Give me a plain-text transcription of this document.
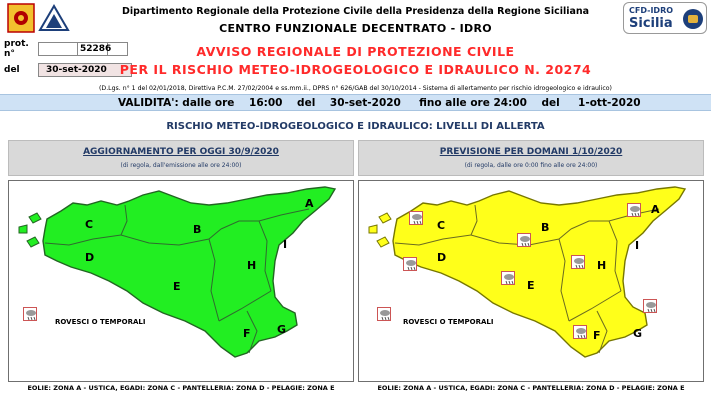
Dipartimento Regionale della Protezione Civile della Presidenza della Regione Siciliana
CENTRO FUNZIONALE DECENTRATO - IDRO
CFD-IDRO
Sicilia
prot. n°	52286
del	30-set-2020
AVVISO REGIONALE DI PROTEZIONE CIVILE
PER IL RISCHIO METEO-IDROGEOLOGICO E IDRAULICO N. 20274
(D.Lgs. n° 1 del 02/01/2018, Direttiva P.C.M. 27/02/2004 e ss.mm.ii., DPRS n° 626/GAB del 30/10/2014 - Sistema di allertamento per rischio idrogeologico e idraulico)
VALIDITA': dalle ore    16:00    del    30-set-2020     fino alle ore 24:00    del     1-ott-2020
RISCHIO METEO-IDROGEOLOGICO E IDRAULICO: LIVELLI DI ALLERTA
AGGIORNAMENTO PER OGGI 30/9/2020
(di regola, dall'emissione alle ore 24:00)
A
B
C
D
E
F G
H
I
ROVESCI O TEMPORALI
EOLIE: ZONA A - USTICA, EGADI: ZONA C - PANTELLERIA: ZONA D - PELAGIE: ZONA E
PREVISIONE PER DOMANI 1/10/2020
(di regola, dalle ore 0:00 fino alle ore 24:00)
A
B
C
D
E
F	G
H
I
ROVESCI O TEMPORALI
EOLIE: ZONA A - USTICA, EGADI: ZONA C - PANTELLERIA: ZONA D - PELAGIE: ZONA E
